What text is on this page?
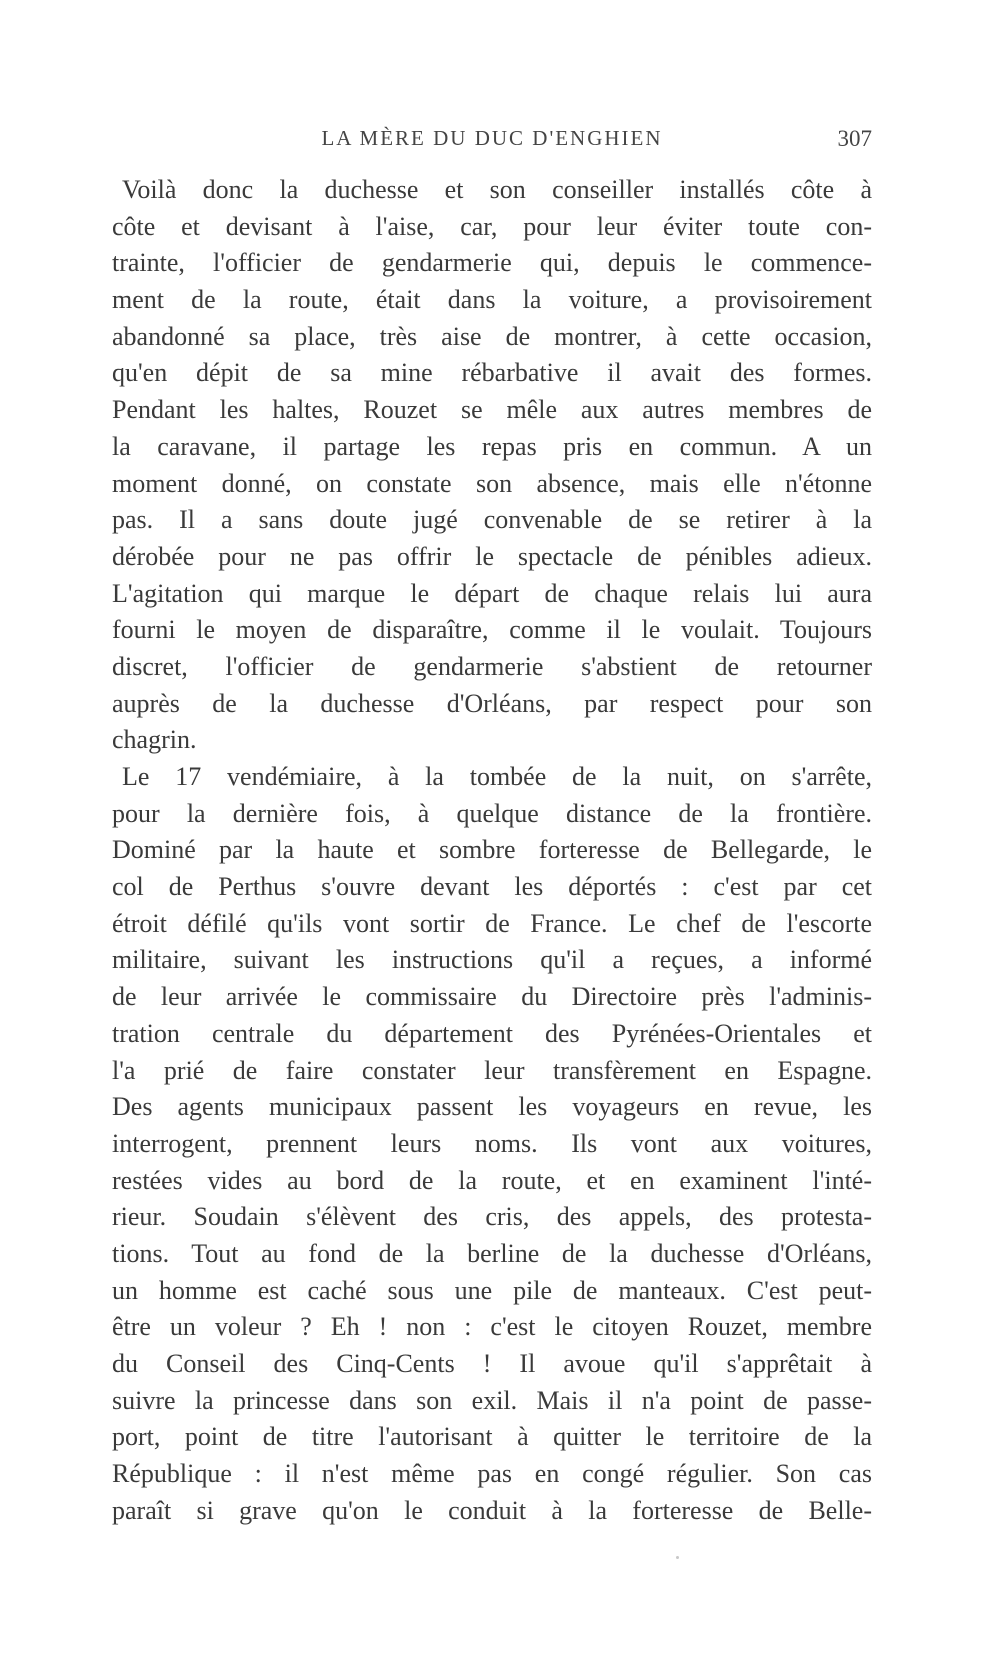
LA MÈRE DU DUC D'ENGHIEN	307
Voilà donc la duchesse et son conseiller installés côte à
côte et devisant à l'aise, car, pour leur éviter toute con-
trainte, l'officier de gendarmerie qui, depuis le commence-
ment de la route, était dans la voiture, a provisoirement
abandonné sa place, très aise de montrer, à cette occasion,
qu'en dépit de sa mine rébarbative il avait des formes.
Pendant les haltes, Rouzet se mêle aux autres membres de
la caravane, il partage les repas pris en commun. A un
moment donné, on constate son absence, mais elle n'étonne
pas. Il a sans doute jugé convenable de se retirer à la
dérobée pour ne pas offrir le spectacle de pénibles adieux.
L'agitation qui marque le départ de chaque relais lui aura
fourni le moyen de disparaître, comme il le voulait. Toujours
discret, l'officier de gendarmerie s'abstient de retourner
auprès de la duchesse d'Orléans, par respect pour son
chagrin.
Le 17 vendémiaire, à la tombée de la nuit, on s'arrête,
pour la dernière fois, à quelque distance de la frontière.
Dominé par la haute et sombre forteresse de Bellegarde, le
col de Perthus s'ouvre devant les déportés : c'est par cet
étroit défilé qu'ils vont sortir de France. Le chef de l'escorte
militaire, suivant les instructions qu'il a reçues, a informé
de leur arrivée le commissaire du Directoire près l'adminis-
tration centrale du département des Pyrénées-Orientales et
l'a prié de faire constater leur transfèrement en Espagne.
Des agents municipaux passent les voyageurs en revue, les
interrogent, prennent leurs noms. Ils vont aux voitures,
restées vides au bord de la route, et en examinent l'inté-
rieur. Soudain s'élèvent des cris, des appels, des protesta-
tions. Tout au fond de la berline de la duchesse d'Orléans,
un homme est caché sous une pile de manteaux. C'est peut-
être un voleur ? Eh ! non : c'est le citoyen Rouzet, membre
du Conseil des Cinq-Cents ! Il avoue qu'il s'apprêtait à
suivre la princesse dans son exil. Mais il n'a point de passe-
port, point de titre l'autorisant à quitter le territoire de la
République : il n'est même pas en congé régulier. Son cas
paraît si grave qu'on le conduit à la forteresse de Belle-
